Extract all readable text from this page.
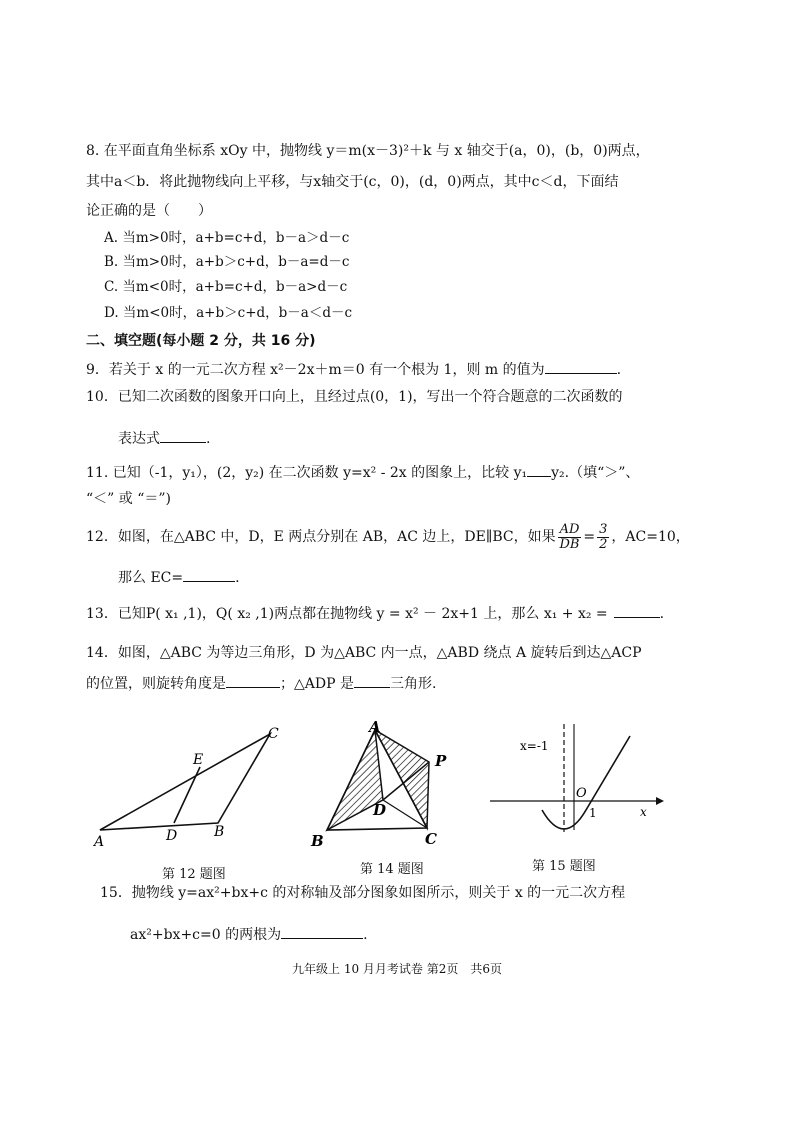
8. 在平面直角坐标系 xOy 中，抛物线 y＝m(x－3)²＋k 与 x 轴交于(a，0)，(b，0)两点，
其中a＜b．将此抛物线向上平移，与x轴交于(c，0)，(d，0)两点，其中c＜d，下面结
论正确的是（　　）
A. 当m>0时，a+b=c+d，b－a＞d－c
B. 当m>0时，a+b＞c+d，b－a=d－c
C. 当m<0时，a+b=c+d，b－a>d－c
D. 当m<0时，a+b＞c+d，b－a＜d－c
二、填空题(每小题 2 分，共 16 分)
9．若关于 x 的一元二次方程 x²－2x＋m＝0 有一个根为 1，则 m 的值为	.
10．已知二次函数的图象开口向上，且经过点(0，1)，写出一个符合题意的二次函数的
表达式	.
11. 已知（-1，y₁），(2，y₂) 在二次函数 y=x² - 2x 的图象上，比较 y₁ y₂.（填“＞”、
“＜” 或 “＝”)
12．如图，在△ABC 中，D，E 两点分别在 AB，AC 边上，DE∥BC，如果 $\frac{AD}{DB} = \frac{3}{2}$ ，AC=10，
那么 EC=	.
13．已知P( x₁ ,1)，Q( x₂ ,1)两点都在抛物线 y = x² － 2x+1 上，那么 x₁ + x₂ =	.
14．如图，△ABC 为等边三角形，D 为△ABC 内一点，△ABD 绕点 A 旋转后到达△ACP
的位置，则旋转角度是	；△ADP 是	三角形.
A
B
C
D
E
第 12 题图
A
B	C
D
P
第 14 题图
x=-1
O
1	x
第 15 题图
15．抛物线 y=ax²+bx+c 的对称轴及部分图象如图所示，则关于 x 的一元二次方程
ax²+bx+c=0 的两根为	.
九年级上 10 月月考试卷 第2页　共6页
